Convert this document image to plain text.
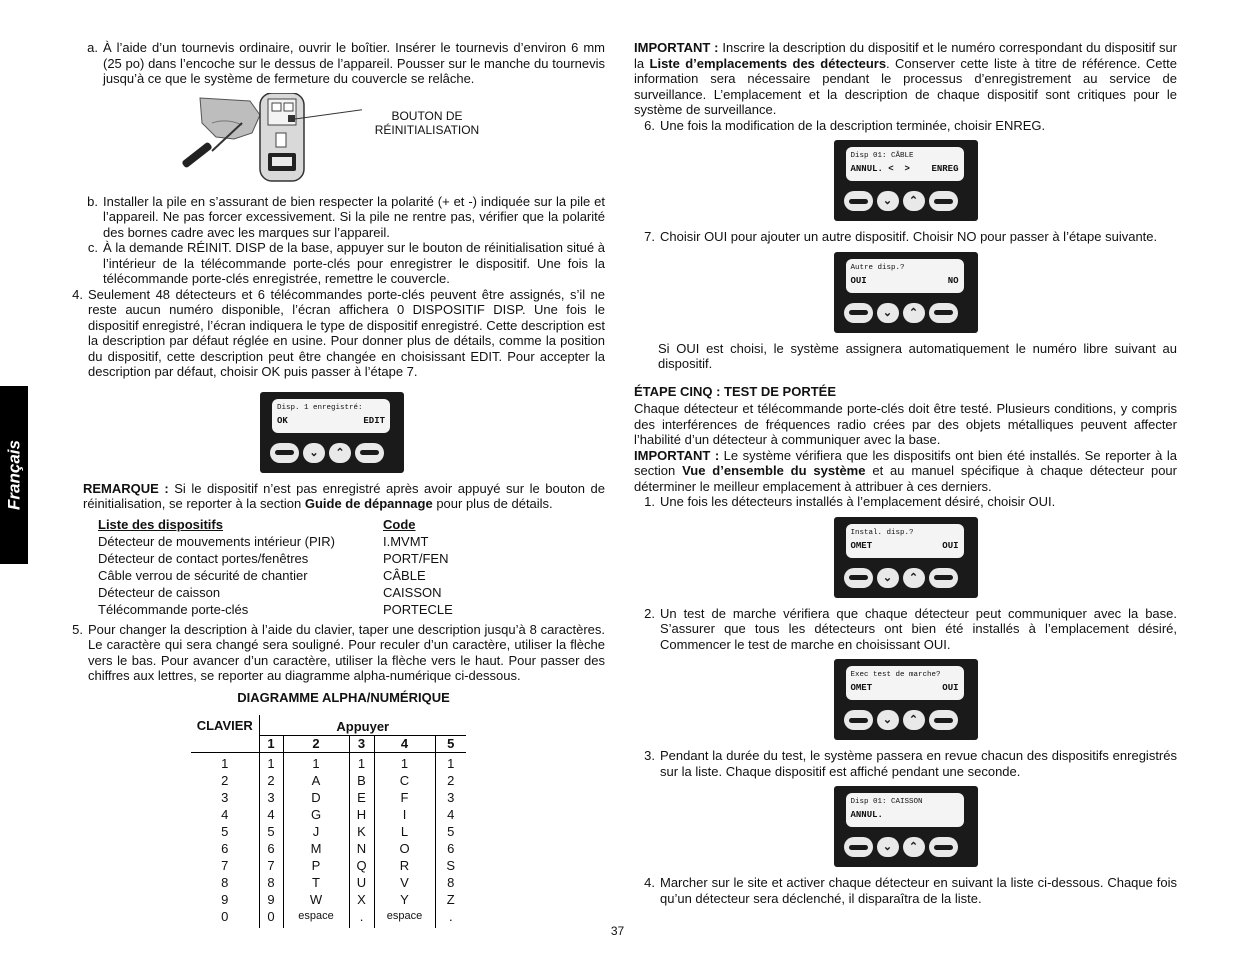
Français
a. À l’aide d’un tournevis ordinaire, ouvrir le boîtier. Insérer le tournevis d’environ 6 mm (25 po) dans l’encoche sur le dessus de l’appareil. Pousser sur le manche du tournevis jusqu’à ce que le système de fermeture du couvercle se relâche.
BOUTON DE
RÉINITIALISATION
b. Installer la pile en s’assurant de bien respecter la polarité (+ et -) indiquée sur la pile et l’appareil. Ne pas forcer excessivement. Si la pile ne rentre pas, vérifier que la polarité des bornes cadre avec les marques sur l’appareil.
c. À la demande RÉINIT. DISP de la base, appuyer sur le bouton de réinitialisation situé à l’intérieur de la télécommande porte-clés pour enregistrer le dispositif. Une fois la télécommande porte-clés enregistrée, remettre le couvercle.
4. Seulement 48 détecteurs et 6 télécommandes porte-clés peuvent être assignés, s’il ne reste aucun numéro disponible, l’écran affichera 0 DISPOSITIF DISP. Une fois le dispositif enregistré, l’écran indiquera le type de dispositif enregistré. Cette description est la description par défaut réglée en usine. Pour donner plus de détails, comme la position du dispositif, cette description peut être changée en choisissant EDIT. Pour accepter la description par défaut, choisir OK puis passer à l’étape 7.
Disp. 1 enregistré:
OK	EDIT
⌄	⌃

REMARQUE : Si le dispositif n’est pas enregistré après avoir appuyé sur le bouton de réinitialisation, se reporter à la section Guide de dépannage pour plus de détails.

Liste des dispositifs	Code
Détecteur de mouvements intérieur (PIR)	I.MVMT
Détecteur de contact portes/fenêtres	PORT/FEN
Câble verrou de sécurité de chantier	CÂBLE
Détecteur de caisson	CAISSON
Télécommande porte-clés	PORTECLE
5. Pour changer la description à l’aide du clavier, taper une description jusqu’à 8 caractères. Le caractère qui sera changé sera souligné. Pour reculer d’un caractère, utiliser la flèche vers le bas. Pour avancer d’un caractère, utiliser la flèche vers le haut. Pour passer des chiffres aux lettres, se reporter au diagramme alpha-numérique ci-dessous.
DIAGRAMME ALPHA/NUMÉRIQUE
CLAVIER	Appuyer				
	1	2	3	4	5
1	1	1	1	1	1
2	2	A	B	C	2
3	3	D	E	F	3
4	4	G	H	I	4
5	5	J	K	L	5
6	6	M	N	O	6
7	7	P	Q	R	S
8	8	T	U	V	8
9	9	W	X	Y	Z
0	0	espace	.	espace	.

IMPORTANT : Inscrire la description du dispositif et le numéro correspondant du dispositif sur la Liste d’emplacements des détecteurs. Conserver cette liste à titre de référence. Cette information sera nécessaire pendant le processus d’enregistrement au service de surveillance. L’emplacement et la description de chaque dispositif sont critiques pour le système de surveillance.

6. Une fois la modification de la description terminée, choisir ENREG.
Disp 01: CÂBLE
ANNUL. <  > ENREG
⌄	⌃
7. Choisir OUI pour ajouter un autre dispositif. Choisir NO pour passer à l’étape suivante.
Autre disp.?
OUI	NO
⌄	⌃

Si OUI est choisi, le système assignera automatiquement le numéro libre suivant au dispositif.

ÉTAPE CINQ : TEST DE PORTÉE

Chaque détecteur et télécommande porte-clés doit être testé. Plusieurs conditions, y compris des interférences de fréquences radio crées par des objets métalliques peuvent affecter l’habilité d’un détecteur à communiquer avec la base.

IMPORTANT : Le système vérifiera que les dispositifs ont bien été installés. Se reporter à la section Vue d’ensemble du système et au manuel spécifique à chaque détecteur pour déterminer le meilleur emplacement à attribuer à ces derniers.

1. Une fois les détecteurs installés à l’emplacement désiré, choisir OUI.
Instal. disp.?
OMET	OUI
⌄	⌃
2. Un test de marche vérifiera que chaque détecteur peut communiquer avec la base. S’assurer que tous les détecteurs ont bien été installés à l’emplacement désiré, Commencer le test de marche en choisissant OUI.
Exec test de marche?
OMET	OUI
⌄	⌃
3. Pendant la durée du test, le système passera en revue chacun des dispositifs enregistrés sur la liste. Chaque dispositif est affiché pendant une seconde.
Disp 01: CAISSON
ANNUL.
⌄	⌃
4. Marcher sur le site et activer chaque détecteur en suivant la liste ci-dessous. Chaque fois qu’un détecteur sera déclenché, il disparaîtra de la liste.
37
